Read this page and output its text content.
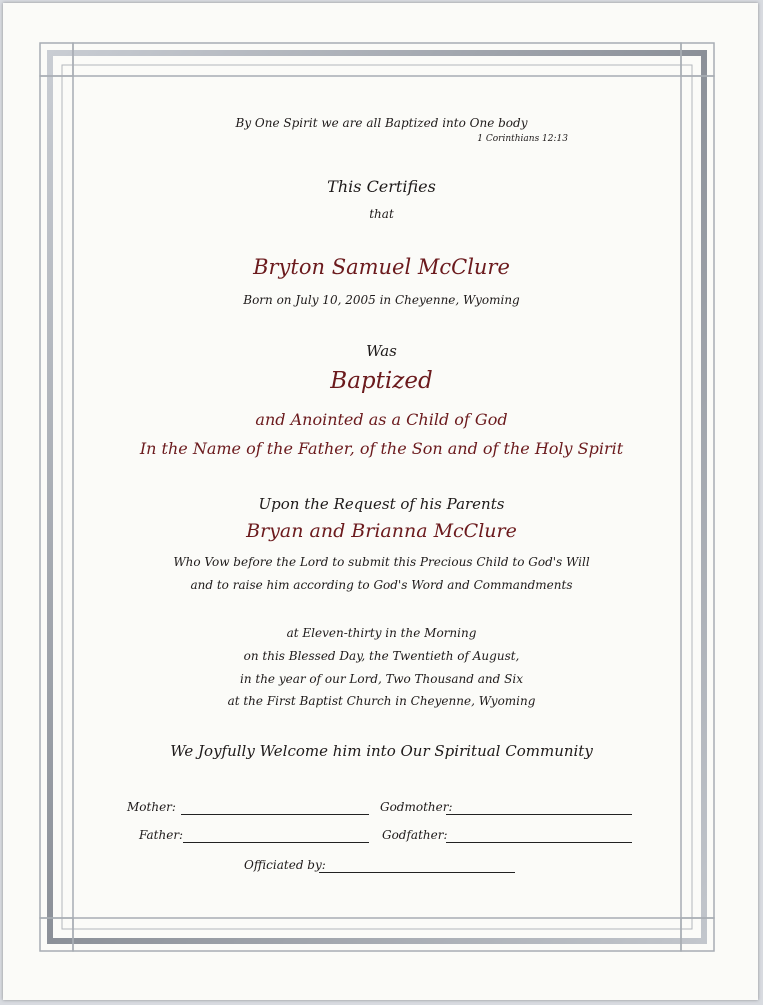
By One Spirit we are all Baptized into One body
1 Corinthians 12:13
This Certifies
that
Bryton Samuel McClure
Born on July 10, 2005 in Cheyenne, Wyoming
Was
Baptized
and Anointed as a Child of God
In the Name of the Father, of the Son and of the Holy Spirit
Upon the Request of his Parents
Bryan and Brianna McClure
Who Vow before the Lord to submit this Precious Child to God's Will
and to raise him according to God's Word and Commandments
at Eleven-thirty in the Morning
on this Blessed Day, the Twentieth of August,
in the year of our Lord, Two Thousand and Six
at the First Baptist Church in Cheyenne, Wyoming
We Joyfully Welcome him into Our Spiritual Community
Mother:	Godmother:
Father:	Godfather:
Officiated by:
